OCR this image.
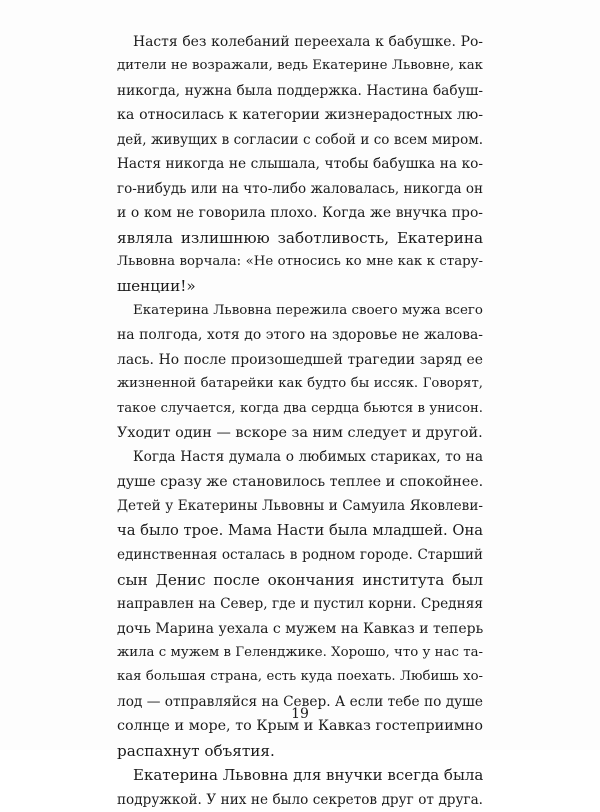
Настя без колебаний переехала к бабушке. Ро-
дители не возражали, ведь Екатерине Львовне, как
никогда, нужна была поддержка. Настина бабуш-
ка относилась к категории жизнерадостных лю-
дей, живущих в согласии с собой и со всем миром.
Настя никогда не слышала, чтобы бабушка на ко-
го-нибудь или на что-либо жаловалась, никогда он
и о ком не говорила плохо. Когда же внучка про-
являла излишнюю заботливость, Екатерина
Львовна ворчала: «Не относись ко мне как к стару-
шенции!»
Екатерина Львовна пережила своего мужа всего
на полгода, хотя до этого на здоровье не жалова-
лась. Но после произошедшей трагедии заряд ее
жизненной батарейки как будто бы иссяк. Говорят,
такое случается, когда два сердца бьются в унисон.
Уходит один — вскоре за ним следует и другой.
Когда Настя думала о любимых стариках, то на
душе сразу же становилось теплее и спокойнее.
Детей у Екатерины Львовны и Самуила Яковлеви-
ча было трое. Мама Насти была младшей. Она
единственная осталась в родном городе. Старший
сын Денис после окончания института был
направлен на Север, где и пустил корни. Средняя
дочь Марина уехала с мужем на Кавказ и теперь
жила с мужем в Геленджике. Хорошо, что у нас та-
кая большая страна, есть куда поехать. Любишь хо-
лод — отправляйся на Север. А если тебе по душе
солнце и море, то Крым и Кавказ гостеприимно
распахнут объятия.
Екатерина Львовна для внучки всегда была
подружкой. У них не было секретов друг от друга.
19
